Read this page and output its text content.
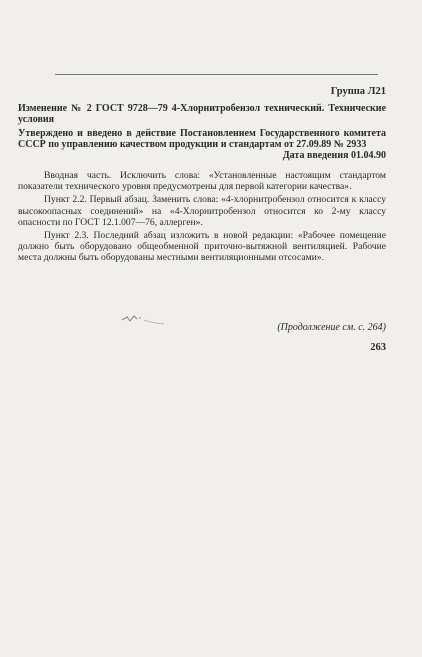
Группа Л21
Изменение № 2 ГОСТ 9728—79 4-Хлорнитробензол технический. Технические условия
Утверждено и введено в действие Постановлением Государственного комитета СССР по управлению качеством продукции и стандартам от 27.09.89 № 2933
Дата введения 01.04.90

Вводная часть. Исключить слова: «Установленные настоящим стандартом показатели технического уровня предусмотрены для первой категории качества».

Пункт 2.2. Первый абзац. Заменить слова: «4-хлорнитробензол относится к классу высокоопасных соединений» на «4-Хлорнитробензол относится ко 2-му классу опасности по ГОСТ 12.1.007—76, аллерген».

Пункт 2.3. Последний абзац изложить в новой редакции: «Рабочее помещение должно быть оборудовано общеобменной приточно-вытяжной вентиляцией. Рабочие места должны быть оборудованы местными вентиляционными отсосами».

(Продолжение см. с. 264)
263
